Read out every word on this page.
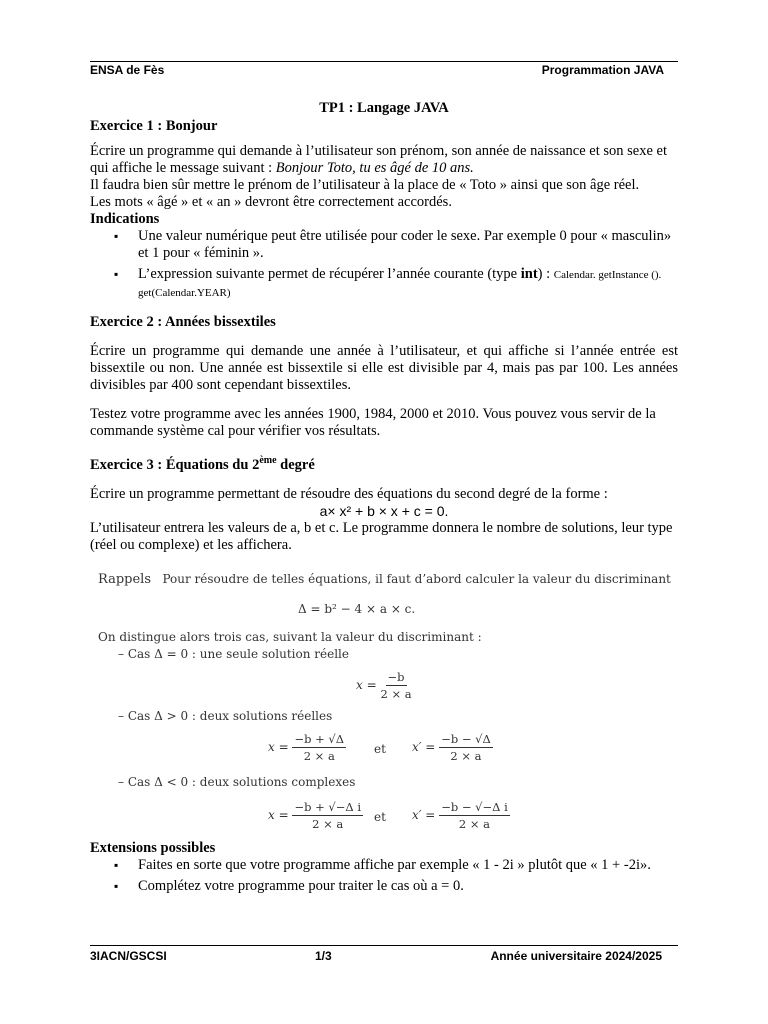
ENSA de Fès	Programmation JAVA

TP1 : Langage JAVA

Exercice 1 : Bonjour

Écrire un programme qui demande à l’utilisateur son prénom, son année de naissance et son sexe et qui affiche le message suivant : Bonjour Toto, tu es âgé de 10 ans.

Il faudra bien sûr mettre le prénom de l’utilisateur à la place de « Toto » ainsi que son âge réel.

Les mots « âgé » et « an » devront être correctement accordés.

Indications

▪ Une valeur numérique peut être utilisée pour coder le sexe. Par exemple 0 pour « masculin» et 1 pour « féminin ».
▪ L’expression suivante permet de récupérer l’année courante (type int) : Calendar. getInstance (). get(Calendar.YEAR)

Exercice 2 : Années bissextiles

Écrire un programme qui demande une année à l’utilisateur, et qui affiche si l’année entrée est bissextile ou non. Une année est bissextile si elle est divisible par 4, mais pas par 100. Les années divisibles par 400 sont cependant bissextiles.

Testez votre programme avec les années 1900, 1984, 2000 et 2010. Vous pouvez vous servir de la commande système cal pour vérifier vos résultats.

Exercice 3 : Équations du 2ème degré

Écrire un programme permettant de résoudre des équations du second degré de la forme :

a× x² + b × x + c = 0.

L’utilisateur entrera les valeurs de a, b et c. Le programme donnera le nombre de solutions, leur type (réel ou complexe) et les affichera.

Rappels Pour résoudre de telles équations, il faut d’abord calculer la valeur du discriminant
Δ = b² − 4 × a × c.
On distingue alors trois cas, suivant la valeur du discriminant :
– Cas Δ = 0 : une seule solution réelle
$x = \frac{-b}{2 \times a}$
– Cas Δ > 0 : deux solutions réelles
$x = \frac{-b + √\Delta}{2 \times a}$ et $x' = \frac{-b - √\Delta}{2 \times a}$
– Cas Δ < 0 : deux solutions complexes
$x = \frac{\text{−b + √−Δ i}}{2 \times a}$ et $x' = \frac{\text{−b − √−Δ i}}{2 \times a}$

Extensions possibles

▪ Faites en sorte que votre programme affiche par exemple « 1 - 2i » plutôt que « 1 + -2i».
▪ Complétez votre programme pour traiter le cas où a = 0.
3IACN/GSCSI	1/3	Année universitaire 2024/2025
